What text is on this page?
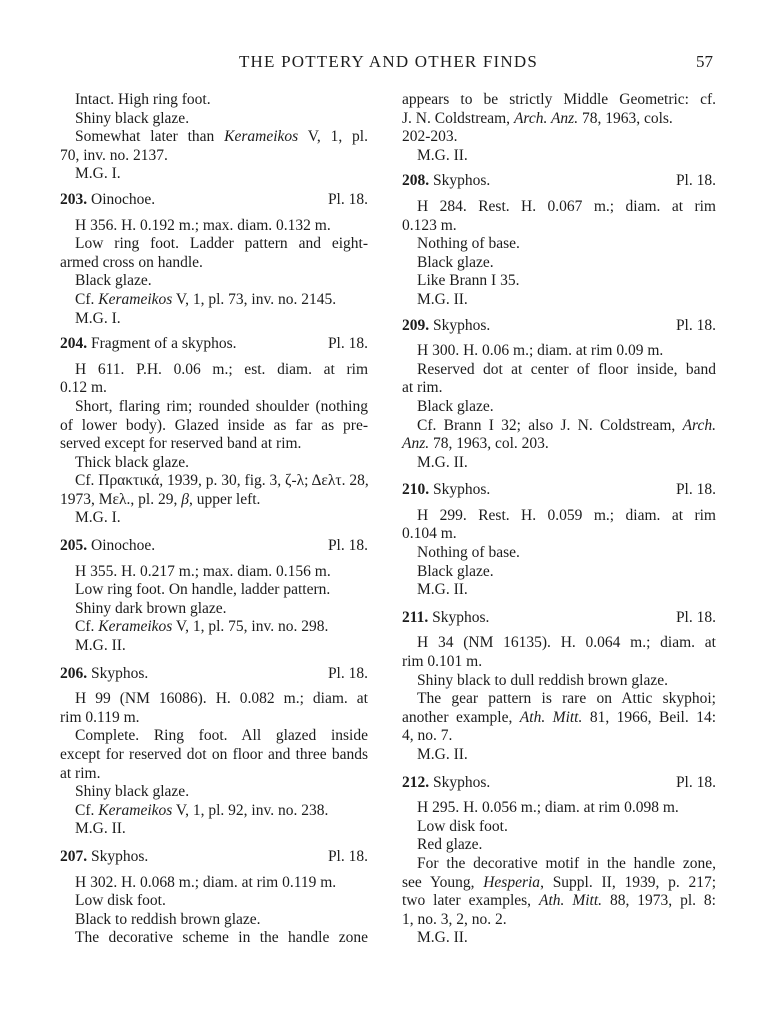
THE POTTERY AND OTHER FINDS	57
Intact. High ring foot.
Shiny black glaze.
Somewhat later than Kerameikos V, 1, pl.
70, inv. no. 2137.
M.G. I.
203. Oinochoe.	Pl. 18.
H 356. H. 0.192 m.; max. diam. 0.132 m.
Low ring foot. Ladder pattern and eight-
armed cross on handle.
Black glaze.
Cf. Kerameikos V, 1, pl. 73, inv. no. 2145.
M.G. I.
204. Fragment of a skyphos.	Pl. 18.
H 611. P.H. 0.06 m.; est. diam. at rim
0.12 m.
Short, flaring rim; rounded shoulder (nothing
of lower body). Glazed inside as far as pre-
served except for reserved band at rim.
Thick black glaze.
Cf. Πρακτικά, 1939, p. 30, fig. 3, ζ-λ; Δελτ. 28,
1973, Μελ., pl. 29, β, upper left.
M.G. I.
205. Oinochoe.	Pl. 18.
H 355. H. 0.217 m.; max. diam. 0.156 m.
Low ring foot. On handle, ladder pattern.
Shiny dark brown glaze.
Cf. Kerameikos V, 1, pl. 75, inv. no. 298.
M.G. II.
206. Skyphos.	Pl. 18.
H 99 (NM 16086). H. 0.082 m.; diam. at
rim 0.119 m.
Complete. Ring foot. All glazed inside
except for reserved dot on floor and three bands
at rim.
Shiny black glaze.
Cf. Kerameikos V, 1, pl. 92, inv. no. 238.
M.G. II.
207. Skyphos.	Pl. 18.
H 302. H. 0.068 m.; diam. at rim 0.119 m.
Low disk foot.
Black to reddish brown glaze.
The decorative scheme in the handle zone
appears to be strictly Middle Geometric: cf.
J. N. Coldstream, Arch. Anz. 78, 1963, cols.
202-203.
M.G. II.
208. Skyphos.	Pl. 18.
H 284. Rest. H. 0.067 m.; diam. at rim
0.123 m.
Nothing of base.
Black glaze.
Like Brann I 35.
M.G. II.
209. Skyphos.	Pl. 18.
H 300. H. 0.06 m.; diam. at rim 0.09 m.
Reserved dot at center of floor inside, band
at rim.
Black glaze.
Cf. Brann I 32; also J. N. Coldstream, Arch.
Anz. 78, 1963, col. 203.
M.G. II.
210. Skyphos.	Pl. 18.
H 299. Rest. H. 0.059 m.; diam. at rim
0.104 m.
Nothing of base.
Black glaze.
M.G. II.
211. Skyphos.	Pl. 18.
H 34 (NM 16135). H. 0.064 m.; diam. at
rim 0.101 m.
Shiny black to dull reddish brown glaze.
The gear pattern is rare on Attic skyphoi;
another example, Ath. Mitt. 81, 1966, Beil. 14:
4, no. 7.
M.G. II.
212. Skyphos.	Pl. 18.
H 295. H. 0.056 m.; diam. at rim 0.098 m.
Low disk foot.
Red glaze.
For the decorative motif in the handle zone,
see Young, Hesperia, Suppl. II, 1939, p. 217;
two later examples, Ath. Mitt. 88, 1973, pl. 8:
1, no. 3, 2, no. 2.
M.G. II.
